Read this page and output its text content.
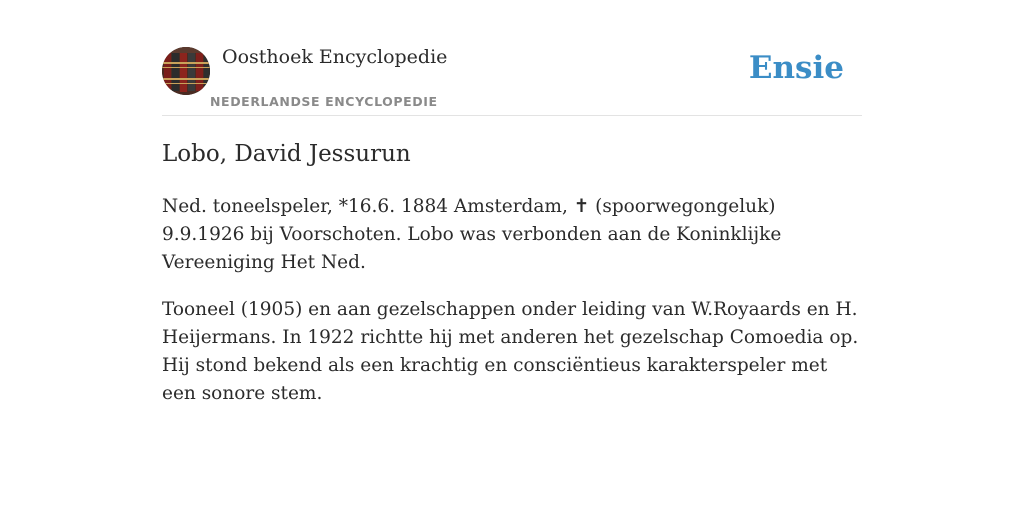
Oosthoek Encyclopedie
NEDERLANDSE ENCYCLOPEDIE
Ensie
Lobo, David Jessurun

Ned. toneelspeler, *16.6. 1884 Amsterdam, ✝ (spoorwegongeluk) 9.9.1926 bij Voorschoten. Lobo was verbonden aan de Koninklijke Vereeniging Het Ned.

Tooneel (1905) en aan gezelschappen onder leiding van W.Royaards en H. Heijermans. In 1922 richtte hij met anderen het gezelschap Comoedia op. Hij stond bekend als een krachtig en consciëntieus karakterspeler met een sonore stem.
